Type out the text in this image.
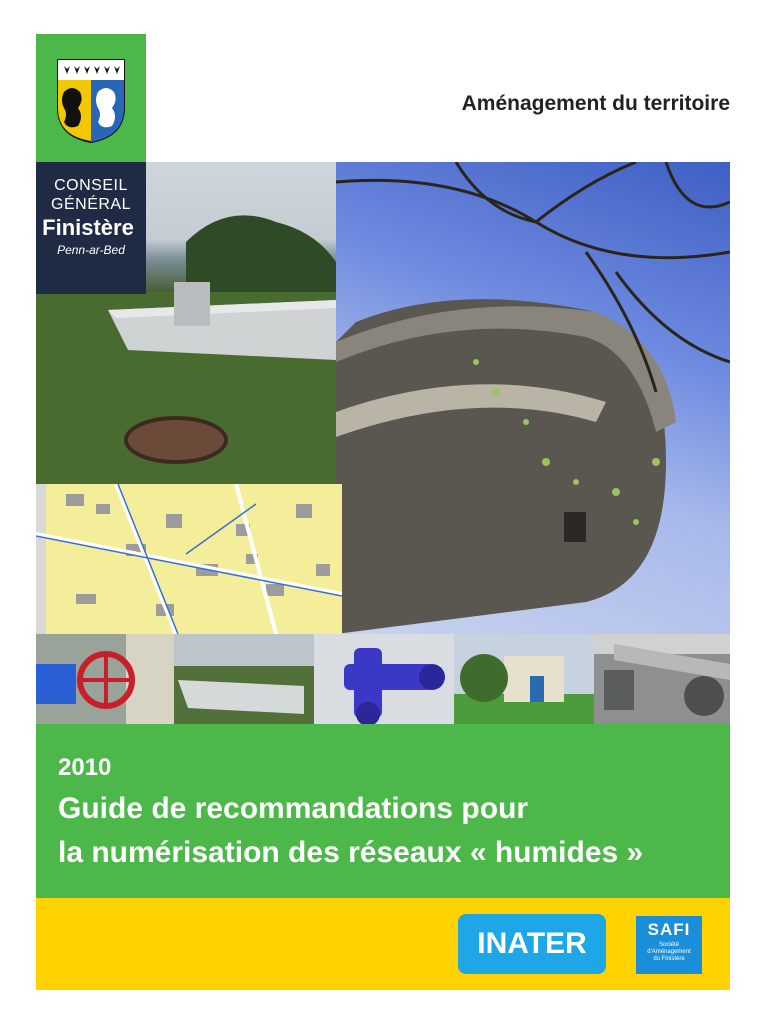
Aménagement du territoire
CONSEIL
GÉNÉRAL
Finistère
Penn-ar-Bed
2010
Guide de recommandations pour
la numérisation des réseaux « humides »
INATER	SAFI
Société
d'Aménagement
du Finistère
